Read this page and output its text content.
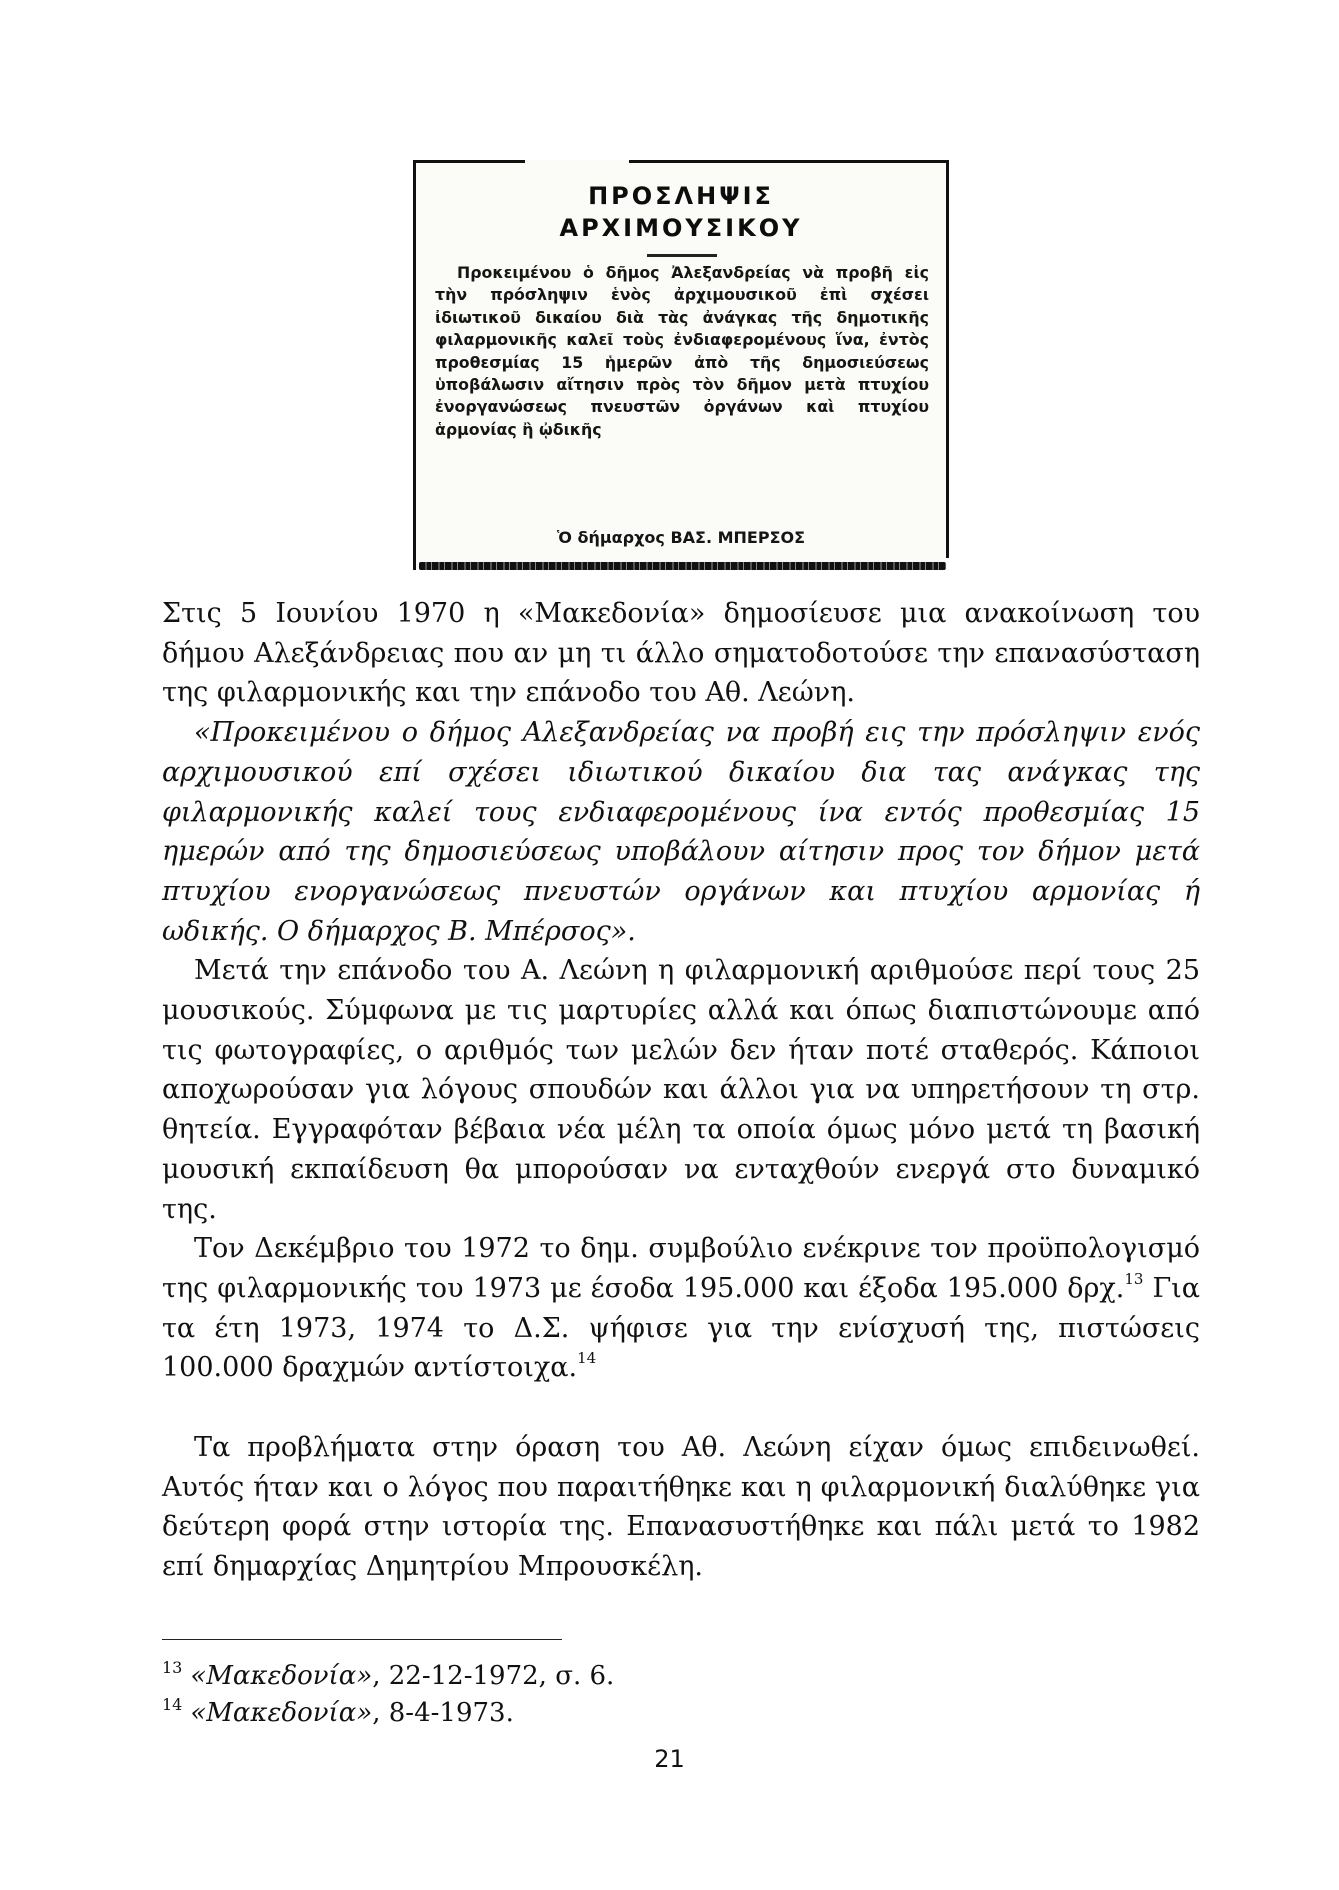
ΠΡΟΣΛΗΨΙΣ
ΑΡΧΙΜΟΥΣΙΚΟΥ
Προκειμένου ὁ δῆμος Ἀλεξανδρείας νὰ προβῆ εἰς τὴν πρόσληψιν ἑνὸς ἀρχιμουσικοῦ ἐπὶ σχέσει ἰδιωτικοῦ δικαίου διὰ τὰς ἀνάγκας τῆς δημοτικῆς φιλαρμονικῆς καλεῖ τοὺς ἐνδιαφερομένους ἵνα, ἐντὸς προθεσμίας 15 ἡμερῶν ἀπὸ τῆς δημοσιεύσεως ὑποβάλωσιν αἴτησιν πρὸς τὸν δῆμον μετὰ πτυχίου ἐνοργανώσεως πνευστῶν ὀργάνων καὶ πτυχίου ἁρμονίας ἢ ᾠδικῆς
Ὁ δήμαρχος ΒΑΣ. ΜΠΕΡΣΟΣ

Στις 5 Ιουνίου 1970 η «Μακεδονία» δημοσίευσε μια ανακοίνωση του δήμου Αλεξάνδρειας που αν μη τι άλλο σηματοδοτούσε την επανασύσταση της φιλαρμονικής και την επάνοδο του Αθ. Λεώνη.

«Προκειμένου ο δήμος Αλεξανδρείας να προβή εις την πρόσληψιν ενός αρχιμουσικού επί σχέσει ιδιωτικού δικαίου δια τας ανάγκας της φιλαρμονικής καλεί τους ενδιαφερομένους ίνα εντός προθεσμίας 15 ημερών από της δημοσιεύσεως υποβάλουν αίτησιν προς τον δήμον μετά πτυχίου ενοργανώσεως πνευστών οργάνων και πτυχίου αρμονίας ή ωδικής. Ο δήμαρχος Β. Μπέρσος».

Μετά την επάνοδο του Α. Λεώνη η φιλαρμονική αριθμούσε περί τους 25 μουσικούς. Σύμφωνα με τις μαρτυρίες αλλά και όπως διαπιστώνουμε από τις φωτογραφίες, ο αριθμός των μελών δεν ήταν ποτέ σταθερός. Κάποιοι αποχωρούσαν για λόγους σπουδών και άλλοι για να υπηρετήσουν τη στρ. θητεία. Εγγραφόταν βέβαια νέα μέλη τα οποία όμως μόνο μετά τη βασική μουσική εκπαίδευση θα μπορούσαν να ενταχθούν ενεργά στο δυναμικό της.

Τον Δεκέμβριο του 1972 το δημ. συμβούλιο ενέκρινε τον προϋπολογισμό της φιλαρμονικής του 1973 με έσοδα 195.000 και έξοδα 195.000 δρχ.$^{13}$ Για τα έτη 1973, 1974 το Δ.Σ. ψήφισε για την ενίσχυσή της, πιστώσεις 100.000 δραχμών αντίστοιχα.$^{14}$

Τα προβλήματα στην όραση του Αθ. Λεώνη είχαν όμως επιδεινωθεί. Αυτός ήταν και ο λόγος που παραιτήθηκε και η φιλαρμονική διαλύθηκε για δεύτερη φορά στην ιστορία της. Επανασυστήθηκε και πάλι μετά το 1982 επί δημαρχίας Δημητρίου Μπρουσκέλη.

$^{13}$ «Μακεδονία», 22-12-1972, σ. 6.
$^{14}$ «Μακεδονία», 8-4-1973.
21
